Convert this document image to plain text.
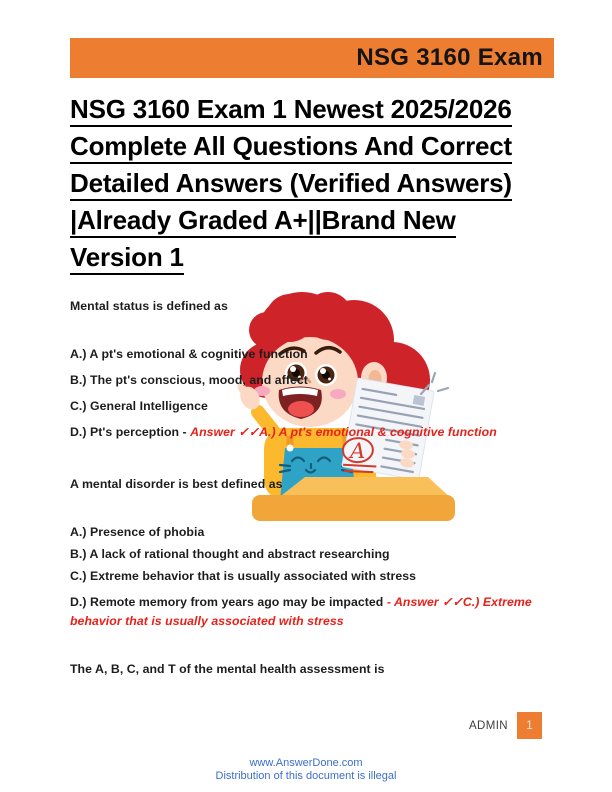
NSG 3160 Exam
NSG 3160 Exam 1 Newest 2025/2026
Complete All Questions And Correct
Detailed Answers (Verified Answers)
|Already Graded A+||Brand New
Version 1
Mental status is defined as
A.) A pt's emotional & cognitive function
B.) The pt's conscious, mood, and affect
C.) General Intelligence
D.) Pt's perception - Answer ✓✓A.) A pt's emotional & cognitive function
A mental disorder is best defined as
A.) Presence of phobia
B.) A lack of rational thought and abstract researching
C.) Extreme behavior that is usually associated with stress
D.) Remote memory from years ago may be impacted - Answer ✓✓C.) Extreme behavior that is usually associated with stress
The A, B, C, and T of the mental health assessment is
A
ADMIN	1
www.AnswerDone.com
Distribution of this document is illegal
